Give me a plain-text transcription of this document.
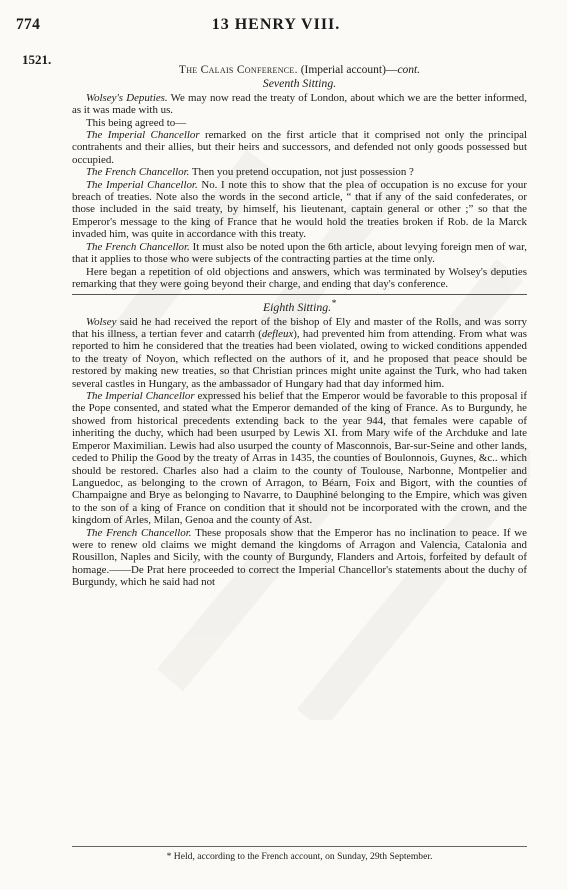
774	13 HENRY VIII.
1521.
The Calais Conference. (Imperial account)—cont.
Seventh Sitting.

Wolsey's Deputies. We may now read the treaty of London, about which we are the better informed, as it was made with us.

This being agreed to—

The Imperial Chancellor remarked on the first article that it comprised not only the principal contrahents and their allies, but their heirs and successors, and defended not only goods possessed but occupied.

The French Chancellor. Then you pretend occupation, not just possession ?

The Imperial Chancellor. No. I note this to show that the plea of occupation is no excuse for your breach of treaties. Note also the words in the second article, “ that if any of the said confederates, or those included in the said treaty, by himself, his lieutenant, captain general or other ;” so that the Emperor's message to the king of France that he would hold the treaties broken if Rob. de la Marck invaded him, was quite in accordance with this treaty.

The French Chancellor. It must also be noted upon the 6th article, about levying foreign men of war, that it applies to those who were subjects of the contracting parties at the time only.

Here began a repetition of old objections and answers, which was terminated by Wolsey's deputies remarking that they were going beyond their charge, and ending that day's conference.

Eighth Sitting.*

Wolsey said he had received the report of the bishop of Ely and master of the Rolls, and was sorry that his illness, a tertian fever and catarrh (defleux), had prevented him from attending. From what was reported to him he considered that the treaties had been violated, owing to wicked conditions appended to the treaty of Noyon, which reflected on the authors of it, and he proposed that peace should be restored by making new treaties, so that Christian princes might unite against the Turk, who had taken several castles in Hungary, as the ambassador of Hungary had that day informed him.

The Imperial Chancellor expressed his belief that the Emperor would be favorable to this proposal if the Pope consented, and stated what the Emperor demanded of the king of France. As to Burgundy, he showed from historical precedents extending back to the year 944, that females were capable of inheriting the duchy, which had been usurped by Lewis XI. from Mary wife of the Archduke and late Emperor Maximilian. Lewis had also usurped the county of Masconnois, Bar-sur-Seine and other lands, ceded to Philip the Good by the treaty of Arras in 1435, the counties of Boulonnois, Guynes, &c.. which should be restored. Charles also had a claim to the county of Toulouse, Narbonne, Montpelier and Languedoc, as belonging to the crown of Arragon, to Béarn, Foix and Bigort, with the counties of Champaigne and Brye as belonging to Navarre, to Dauphiné belonging to the Empire, which was given to the son of a king of France on condition that it should not be incorporated with the crown, and the kingdom of Arles, Milan, Genoa and the county of Ast.

The French Chancellor. These proposals show that the Emperor has no inclination to peace. If we were to renew old claims we might demand the kingdoms of Arragon and Valencia, Catalonia and Rousillon, Naples and Sicily, with the county of Burgundy, Flanders and Artois, forfeited by default of homage.——De Prat here proceeded to correct the Imperial Chancellor's statements about the duchy of Burgundy, which he said had not

* Held, according to the French account, on Sunday, 29th September.
